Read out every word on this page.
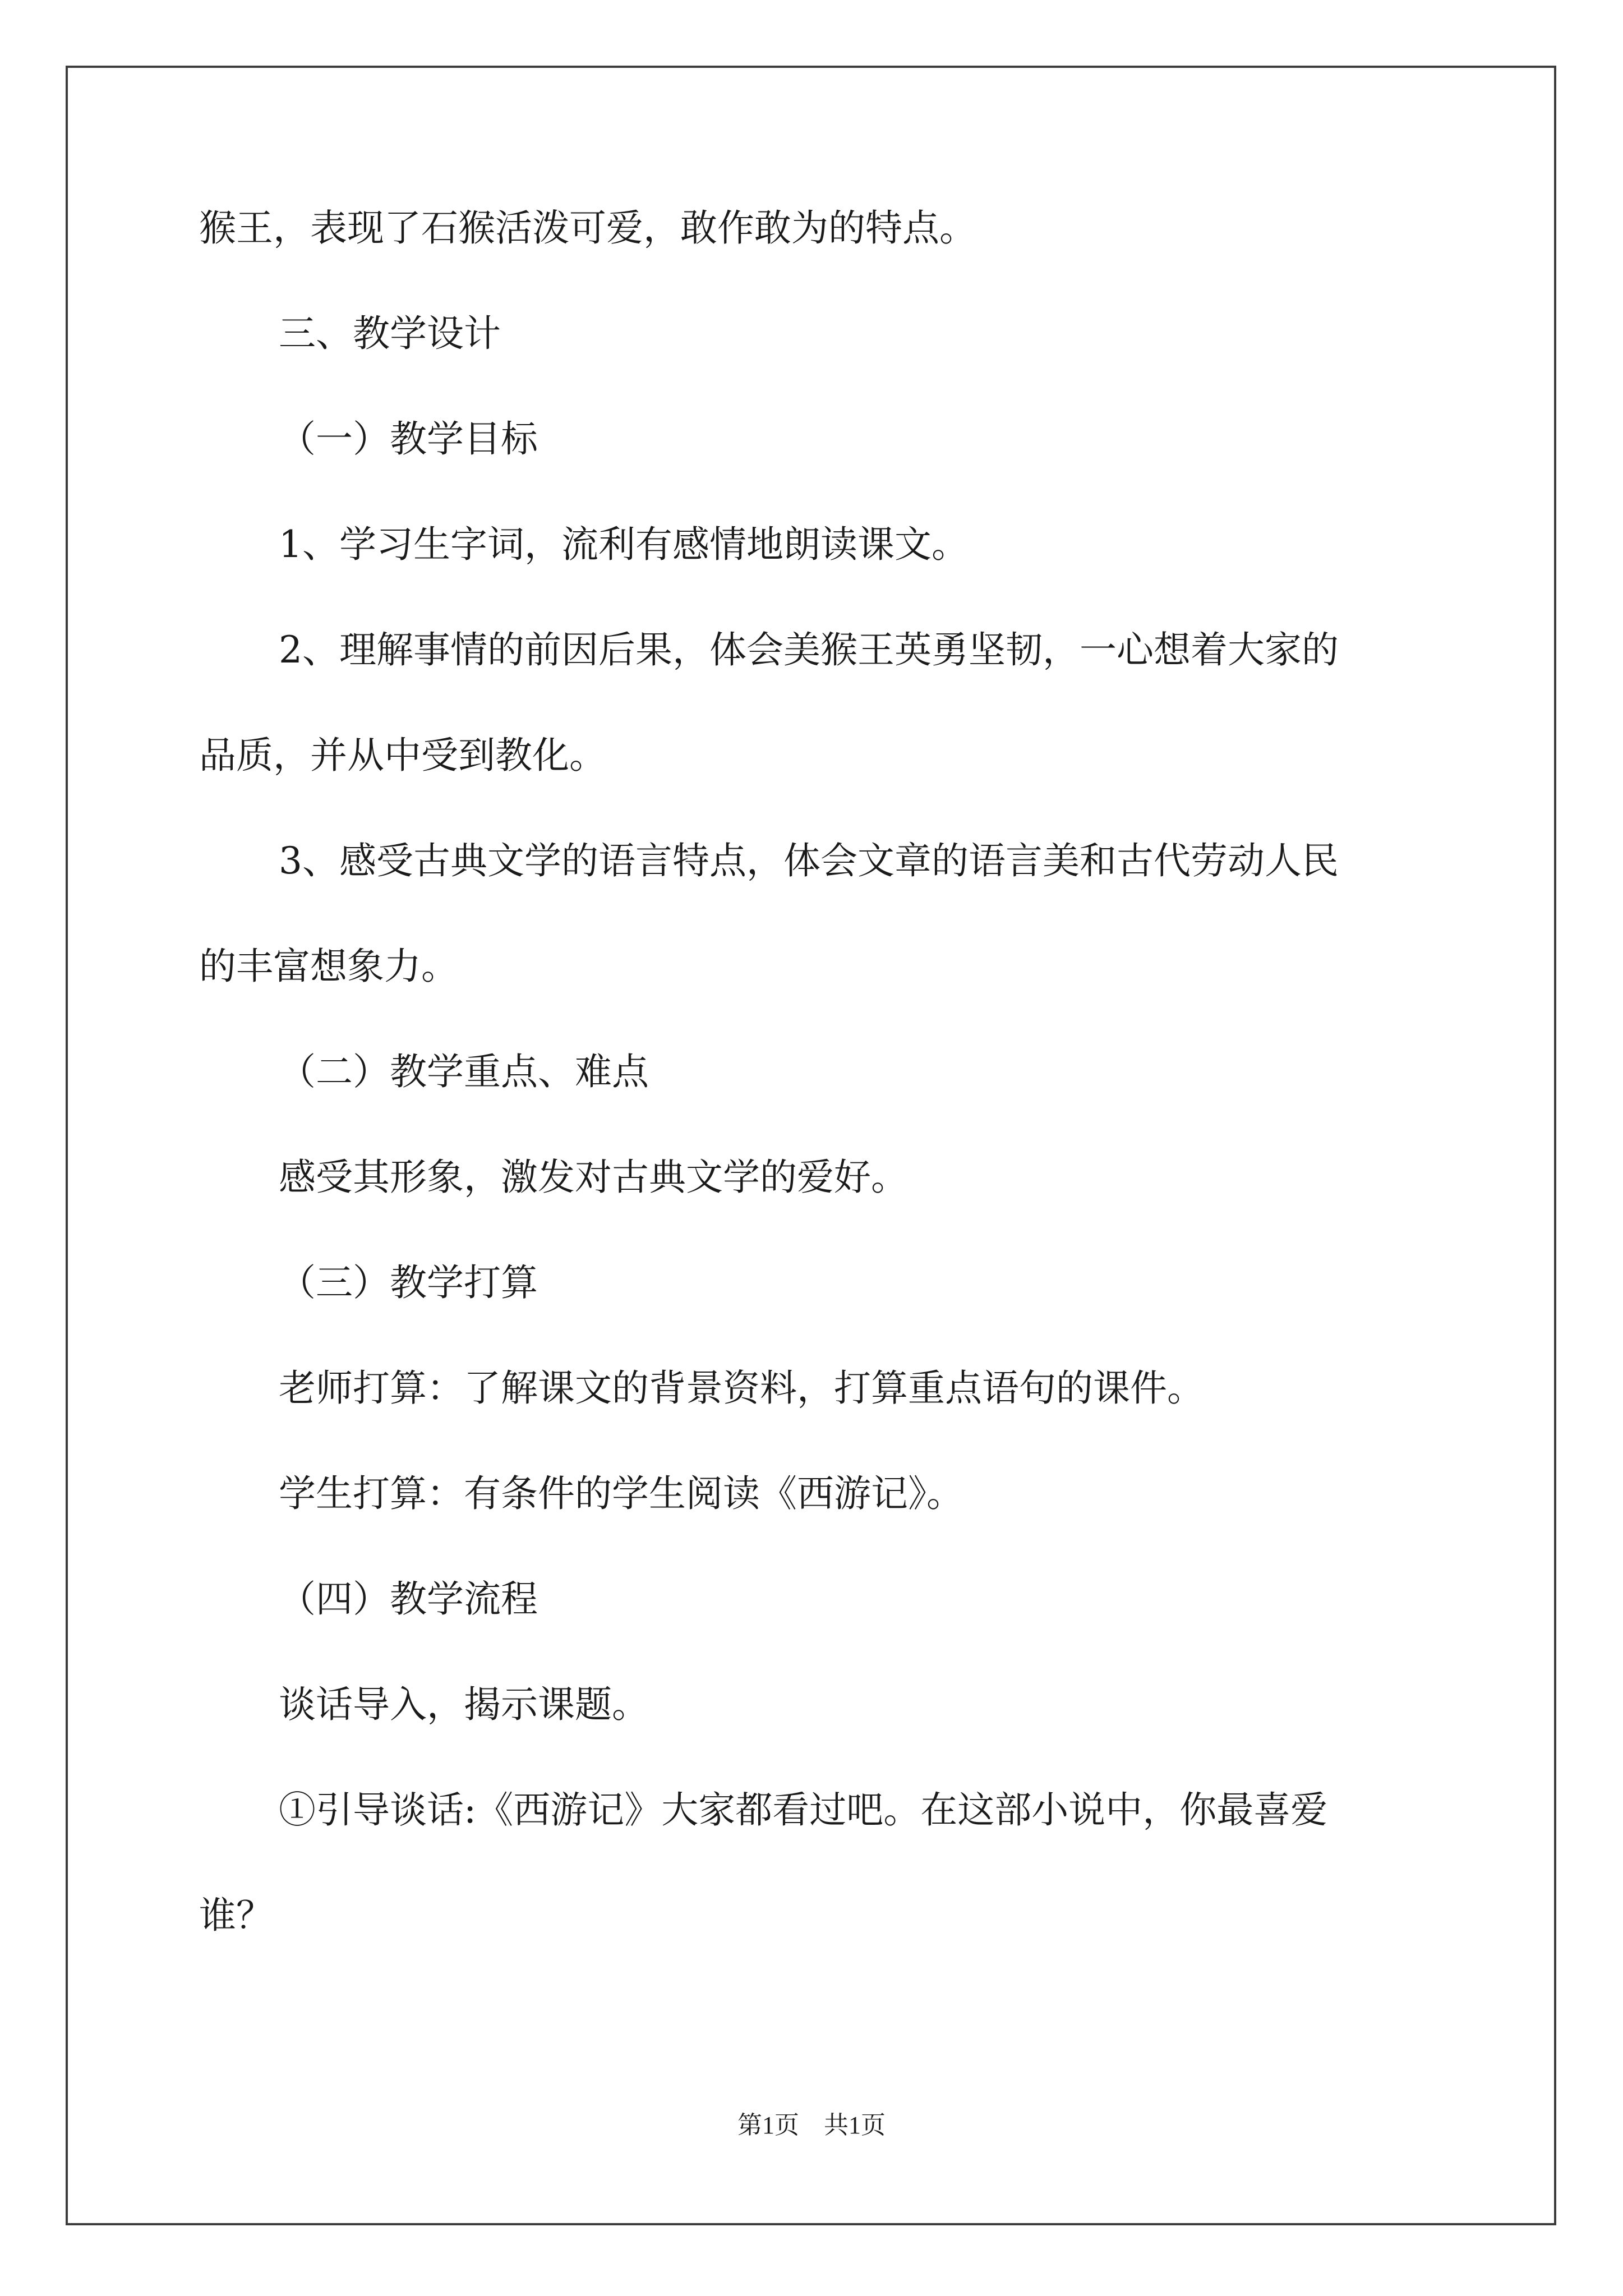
猴王，表现了石猴活泼可爱，敢作敢为的特点。
三、教学设计
（一）教学目标
1、学习生字词，流利有感情地朗读课文。
2、理解事情的前因后果，体会美猴王英勇坚韧，一心想着大家的
品质，并从中受到教化。
3、感受古典文学的语言特点，体会文章的语言美和古代劳动人民
的丰富想象力。
（二）教学重点、难点
感受其形象，激发对古典文学的爱好。
（三）教学打算
老师打算：了解课文的背景资料，打算重点语句的课件。
学生打算：有条件的学生阅读《西游记》。
（四）教学流程
谈话导入，揭示课题。
①引导谈话:《西游记》大家都看过吧。在这部小说中，你最喜爱
谁？
第1页　共1页
